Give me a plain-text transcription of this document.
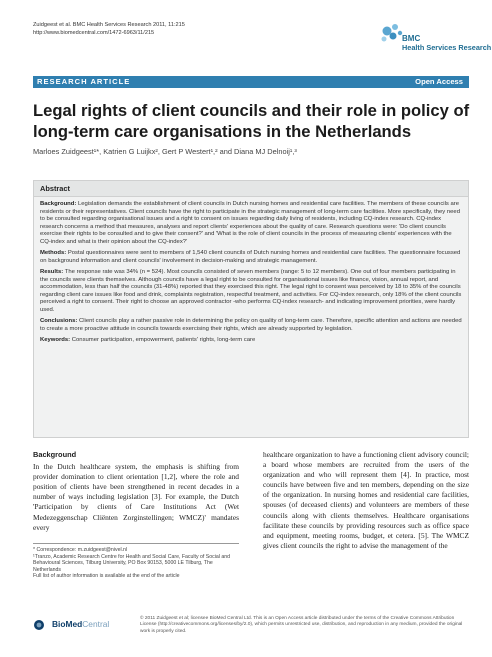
Zuidgeest et al. BMC Health Services Research 2011, 11:215
http://www.biomedcentral.com/1472-6963/11/215
BMC
Health Services Research
RESEARCH ARTICLE	Open Access
Legal rights of client councils and their role in policy of long-term care organisations in the Netherlands
Marloes Zuidgeest¹*, Katrien G Luijkx², Gert P Westert¹,² and Diana MJ Delnoij¹,³
Abstract

Background: Legislation demands the establishment of client councils in Dutch nursing homes and residential care facilities. The members of these councils are residents or their representatives. Client councils have the right to participate in the strategic management of long-term care facilities. More specifically, they need to be consulted regarding organisational issues and a right to consent on issues regarding daily living of residents, including CQ-index research. CQ-index research concerns a method that measures, analyses and report clients' experiences about the quality of care. Research questions were: 'Do client councils exercise their rights to be consulted and to give their consent?' and 'What is the role of client councils in the process of measuring clients' experiences with the CQ-index and what is their opinion about the CQ-index?'

Methods: Postal questionnaires were sent to members of 1,540 client councils of Dutch nursing homes and residential care facilities. The questionnaire focussed on background information and client councils' involvement in decision-making and strategic management.

Results: The response rate was 34% (n = 524). Most councils consisted of seven members (range: 5 to 12 members). One out of four members participating in the councils were clients themselves. Although councils have a legal right to be consulted for organisational issues like finance, vision, annual report, and accommodation, less than half the councils (31-48%) reported that they exercised this right. The legal right to consent was perceived by 18 to 35% of the councils regarding client care issues like food and drink, complaints registration, respectful treatment, and activities. For CQ-index research, only 18% of the client councils perceived a right to consent. Their right to choose an approved contractor -who performs CQ-index research- and indicating improvement priorities, were hardly used.

Conclusions: Client councils play a rather passive role in determining the policy on quality of long-term care. Therefore, specific attention and actions are needed to create a more proactive attitude in councils towards exercising their rights, which are already supported by legislation.

Keywords: Consumer participation, empowerment, patients' rights, long-term care

Background
In the Dutch healthcare system, the emphasis is shifting from provider domination to client orientation [1,2], where the role and position of clients have been strengthened in recent decades in a number of ways including legislation [3]. For example, the Dutch 'Participation by clients of Care Institutions Act (Wet Medezeggenschap Cliënten Zorginstellingen; WMCZ)' mandates every
healthcare organization to have a functioning client advisory council; a board whose members are recruited from the users of the organization and who will represent them [4]. In practice, most councils have between five and ten members, depending on the size of the organization. In nursing homes and residential care facilities, spouses (of deceased clients) and volunteers are members of these councils along with clients themselves. Healthcare organisations facilitate these councils by providing resources such as office space and equipment, meeting rooms, budget, et cetera. [5]. The WMCZ gives client councils the right to advise the management of the
* Correspondence: m.zuidgeest@nivel.nl
¹Tranzo, Academic Research Centre for Health and Social Care, Faculty of Social and Behavioural Sciences, Tilburg University, PO Box 90153, 5000 LE Tilburg, The Netherlands
Full list of author information is available at the end of the article
BioMedCentral
© 2011 Zuidgeest et al; licensee BioMed Central Ltd. This is an Open Access article distributed under the terms of the Creative Commons Attribution License (http://creativecommons.org/licenses/by/2.0), which permits unrestricted use, distribution, and reproduction in any medium, provided the original work is properly cited.
